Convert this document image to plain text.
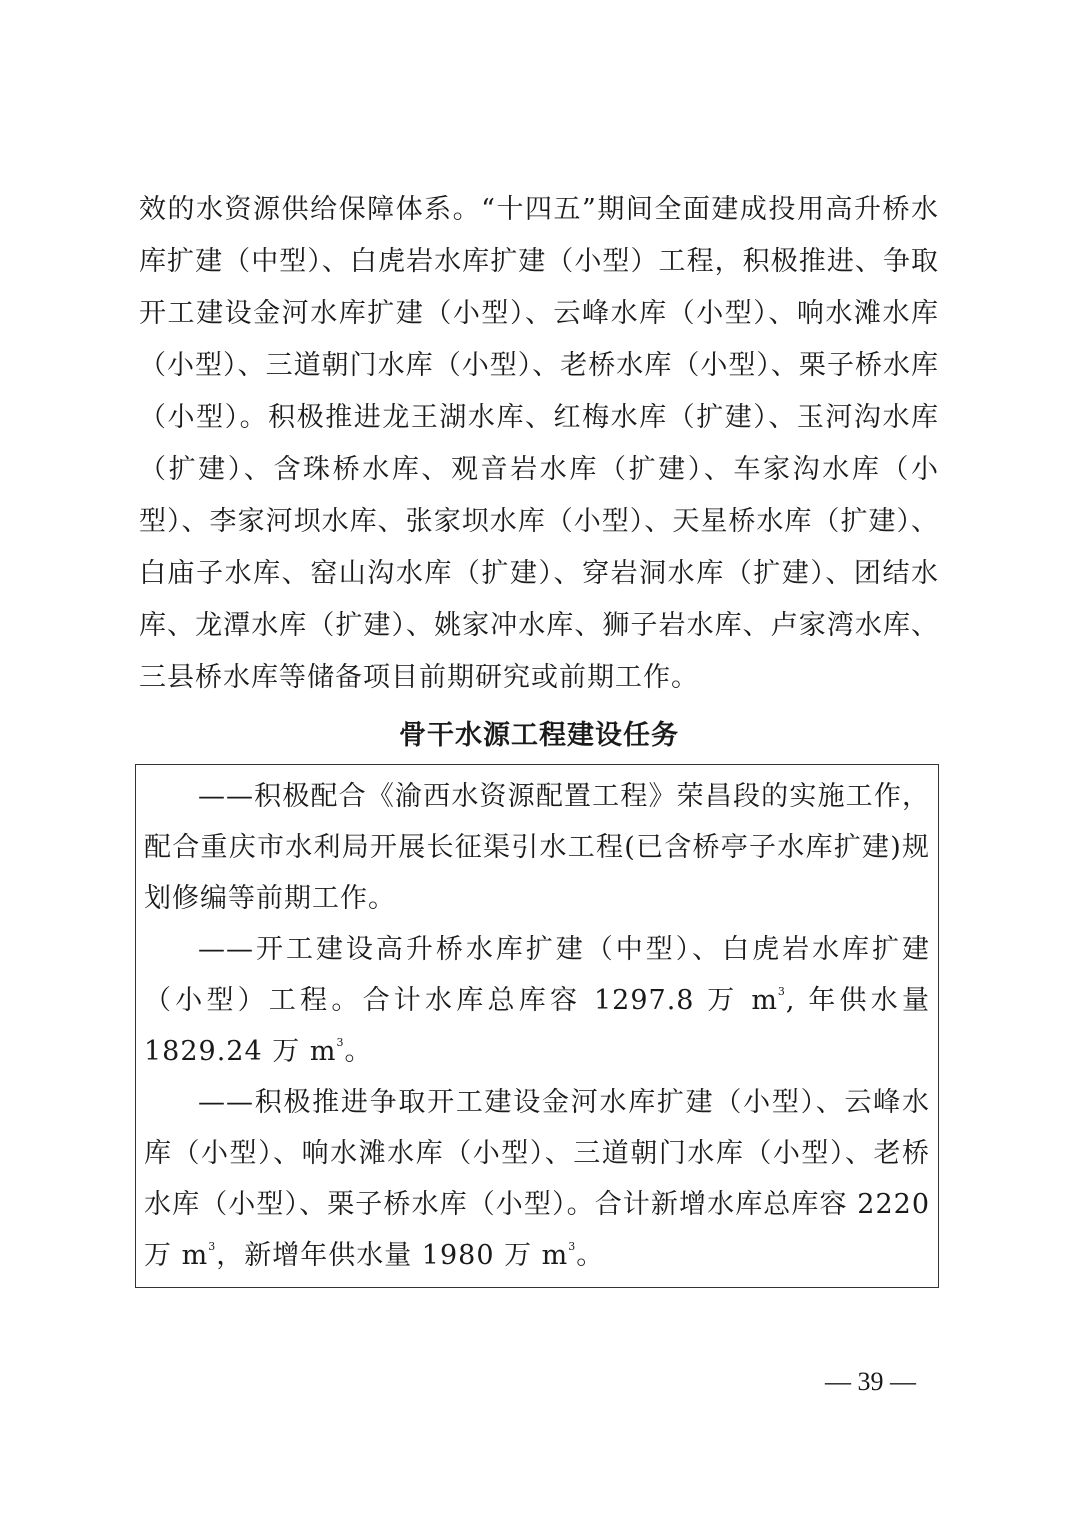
效的水资源供给保障体系。“十四五”期间全面建成投用高升桥水库扩建（中型）、白虎岩水库扩建（小型）工程，积极推进、争取开工建设金河水库扩建（小型）、云峰水库（小型）、响水滩水库（小型）、三道朝门水库（小型）、老桥水库（小型）、栗子桥水库（小型）。积极推进龙王湖水库、红梅水库（扩建）、玉河沟水库（扩建）、含珠桥水库、观音岩水库（扩建）、车家沟水库（小型）、李家河坝水库、张家坝水库（小型）、天星桥水库（扩建）、白庙子水库、窑山沟水库（扩建）、穿岩洞水库（扩建）、团结水库、龙潭水库（扩建）、姚家冲水库、狮子岩水库、卢家湾水库、三县桥水库等储备项目前期研究或前期工作。

骨干水源工程建设任务

——积极配合《渝西水资源配置工程》荣昌段的实施工作，配合重庆市水利局开展长征渠引水工程(已含桥亭子水库扩建)规划修编等前期工作。

——开工建设高升桥水库扩建（中型）、白虎岩水库扩建（小型）工程。合计水库总库容 1297.8 万 $m^3$, 年供水量 1829.24 万 $m^3$。

——积极推进争取开工建设金河水库扩建（小型）、云峰水库（小型）、响水滩水库（小型）、三道朝门水库（小型）、老桥水库（小型）、栗子桥水库（小型）。合计新增水库总库容 2220 万 $m^3$，新增年供水量 1980 万 $m^3$。

— 39 —
